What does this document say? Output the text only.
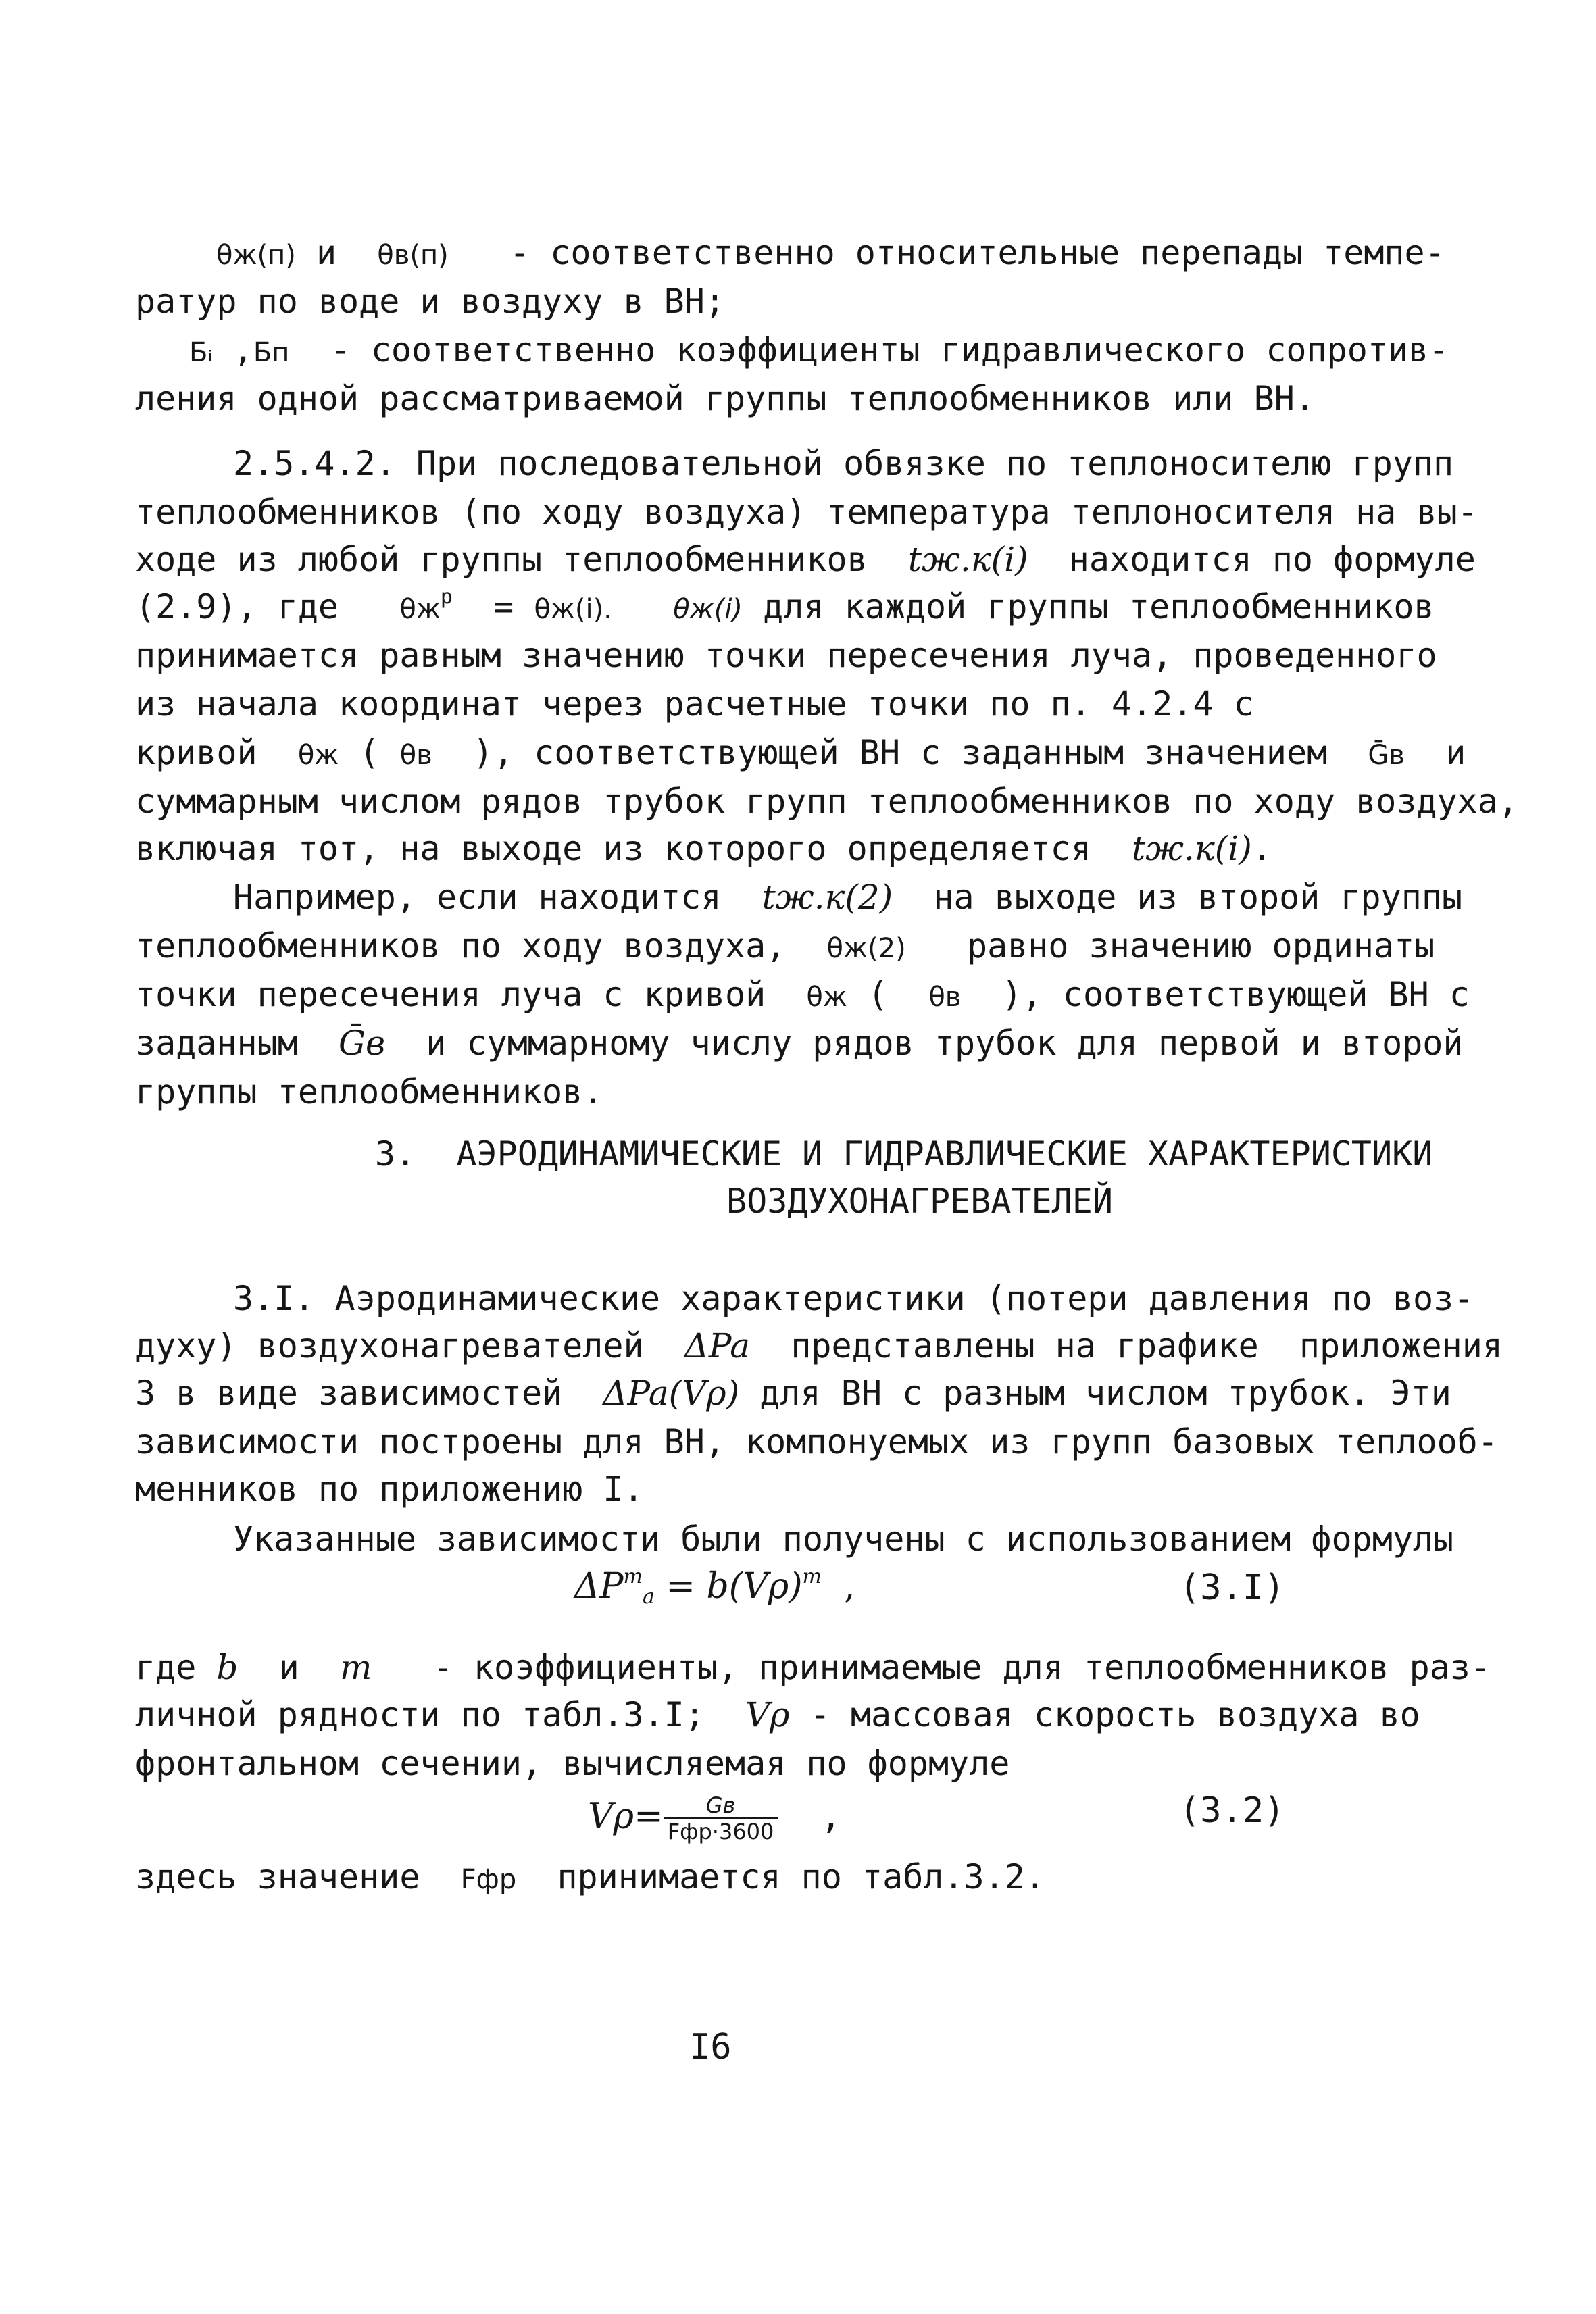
θж(п) и  θв(п)   - соответственно относительные перепады темпе-
ратур по воде и воздуху в ВН;
Бᵢ ,Бп  - соответственно коэффициенты гидравлического сопротив-
ления одной рассматриваемой группы теплообменников или ВН.
2.5.4.2. При последовательной обвязке по теплоносителю групп
теплообменников (по ходу воздуха) температура теплоносителя на вы-
ходе из любой группы теплообменников  tж.к(i)  находится по формуле
(2.9), где   $\theta ж^р = \theta ж(i)$. θж(i) для каждой группы теплообменников
принимается равным значению точки пересечения луча, проведенного
из начала координат через расчетные точки по п. 4.2.4 с
кривой  θж ( θв  ), соответствующей ВН с заданным значением  Ḡв  и
суммарным числом рядов трубок групп теплообменников по ходу воздуха,
включая тот, на выходе из которого определяется  tж.к(i).
Например, если находится  tж.к(2)  на выходе из второй группы
теплообменников по ходу воздуха,  θж(2)   равно значению ординаты
точки пересечения луча с кривой  θж (  θв  ), соответствующей ВН с
заданным  Ḡв  и суммарному числу рядов трубок для первой и второй
группы теплообменников.
3.  АЭРОДИНАМИЧЕСКИЕ И ГИДРАВЛИЧЕСКИЕ ХАРАКТЕРИСТИКИ
ВОЗДУХОНАГРЕВАТЕЛЕЙ
3.I. Аэродинамические характеристики (потери давления по воз-
духу) воздухонагревателей  ΔPa  представлены на графике  приложения
3 в виде зависимостей  ΔPa(Vρ) для ВН с разным числом трубок. Эти
зависимости построены для ВН, компонуемых из групп базовых теплооб-
менников по приложению I.
Указанные зависимости были получены с использованием формулы
$\Delta P^т_a = b(V\rho)^m$  ,	(3.I)
где b  и  m   - коэффициенты, принимаемые для теплообменников раз-
личной рядности по табл.3.I;  Vρ - массовая скорость воздуха во
фронтальном сечении, вычисляемая по формуле
$V\rho= \frac{Gв}{\text{Fфр·3600}}$ ,	(3.2)
здесь значение  Fфр  принимается по табл.3.2.
I6
